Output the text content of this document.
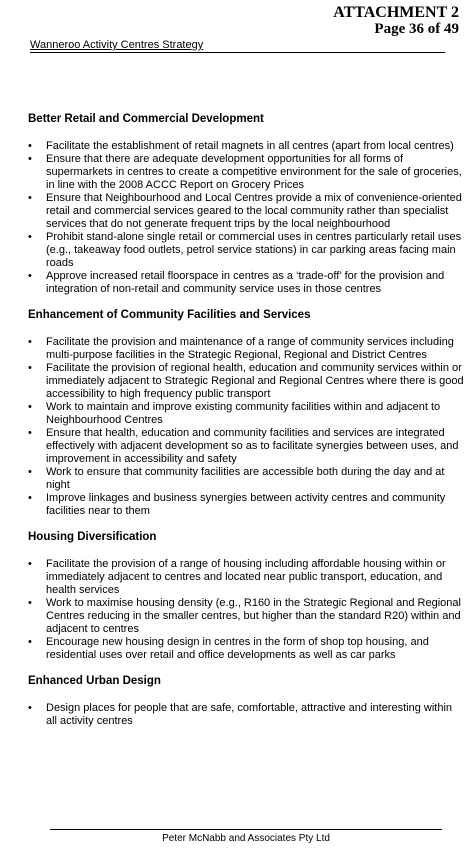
ATTACHMENT 2
Page 36 of 49
Wanneroo Activity Centres Strategy
Better Retail and Commercial Development
• Facilitate the establishment of retail magnets in all centres (apart from local centres)
• Ensure that there are adequate development opportunities for all forms of supermarkets in centres to create a competitive environment for the sale of groceries, in line with the 2008 ACCC Report on Grocery Prices
• Ensure that Neighbourhood and Local Centres provide a mix of convenience-oriented retail and commercial services geared to the local community rather than specialist services that do not generate frequent trips by the local neighbourhood
• Prohibit stand-alone single retail or commercial uses in centres particularly retail uses (e.g., takeaway food outlets, petrol service stations) in car parking areas facing main roads
• Approve increased retail floorspace in centres as a ‘trade-off’ for the provision and integration of non-retail and community service uses in those centres
Enhancement of Community Facilities and Services
• Facilitate the provision and maintenance of a range of community services including multi-purpose facilities in the Strategic Regional, Regional and District Centres
• Facilitate the provision of regional health, education and community services within or immediately adjacent to Strategic Regional and Regional Centres where there is good accessibility to high frequency public transport
• Work to maintain and improve existing community facilities within and adjacent to Neighbourhood Centres
• Ensure that health, education and community facilities and services are integrated effectively with adjacent development so as to facilitate synergies between uses, and improvement in accessibility and safety
• Work to ensure that community facilities are accessible both during the day and at night
• Improve linkages and business synergies between activity centres and community facilities near to them
Housing Diversification
• Facilitate the provision of a range of housing including affordable housing within or immediately adjacent to centres and located near public transport, education, and health services
• Work to maximise housing density (e.g., R160 in the Strategic Regional and Regional Centres reducing in the smaller centres, but higher than the standard R20) within and adjacent to centres
• Encourage new housing design in centres in the form of shop top housing, and residential uses over retail and office developments as well as car parks
Enhanced Urban Design
• Design places for people that are safe, comfortable, attractive and interesting within all activity centres
Peter McNabb and Associates Pty Ltd
